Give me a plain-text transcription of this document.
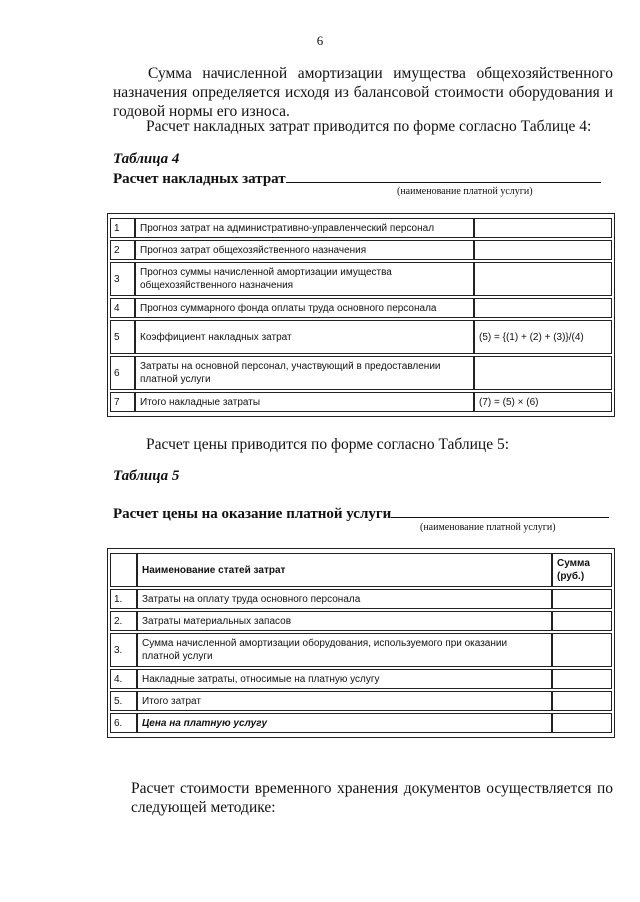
6
Сумма начисленной амортизации имущества общехозяйственного назначения определяется исходя из балансовой стоимости оборудования и годовой нормы его износа.
Расчет накладных затрат приводится по форме согласно Таблице 4:
Таблица 4
Расчет накладных затрат
(наименование платной услуги)
1	Прогноз затрат на административно-управленческий персонал	
2	Прогноз затрат общехозяйственного назначения	
3	Прогноз суммы начисленной амортизации имущества общехозяйственного назначения	
4	Прогноз суммарного фонда оплаты труда основного персонала	
5	Коэффициент накладных затрат	(5) = {(1) + (2) + (3)}/(4)
6	Затраты на основной персонал, участвующий в предоставлении платной услуги	
7	Итого накладные затраты	(7) = (5) × (6)
Расчет цены приводится по форме согласно Таблице 5:
Таблица 5
Расчет цены на оказание платной услуги
(наименование платной услуги)
	Наименование статей затрат	Сумма (руб.)
1.	Затраты на оплату труда основного персонала	
2.	Затраты материальных запасов	
3.	Сумма начисленной амортизации оборудования, используемого при оказании платной услуги	
4.	Накладные затраты, относимые на платную услугу	
5.	Итого затрат	
6.	Цена на платную услугу	
Расчет стоимости временного хранения документов осуществляется по следующей методике:
